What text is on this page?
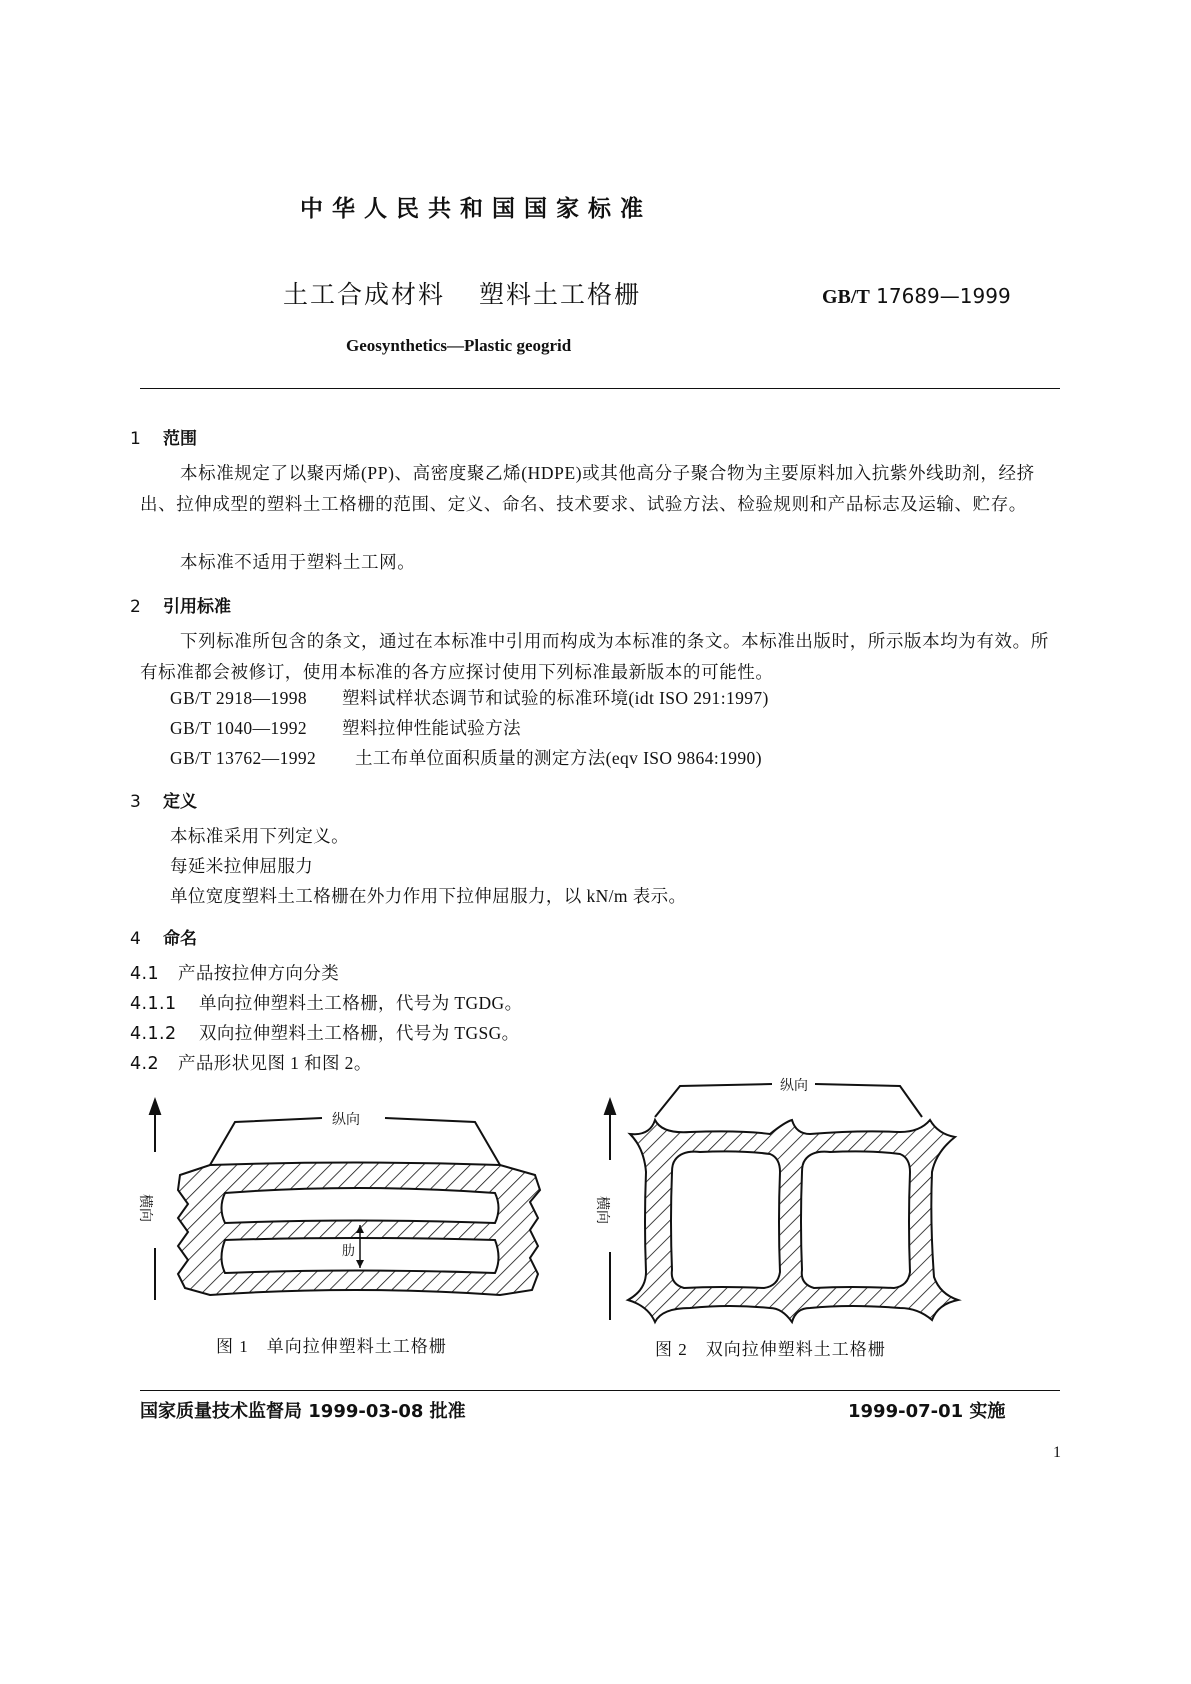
中华人民共和国国家标准
土工合成材料 塑料土工格栅	GB/T 17689—1999
Geosynthetics—Plastic geogrid
1 范围
本标准规定了以聚丙烯(PP)、高密度聚乙烯(HDPE)或其他高分子聚合物为主要原料加入抗紫外线助剂，经挤出、拉伸成型的塑料土工格栅的范围、定义、命名、技术要求、试验方法、检验规则和产品标志及运输、贮存。
本标准不适用于塑料土工网。
2 引用标准
下列标准所包含的条文，通过在本标准中引用而构成为本标准的条文。本标准出版时，所示版本均为有效。所有标准都会被修订，使用本标准的各方应探讨使用下列标准最新版本的可能性。
GB/T 2918—1998 塑料试样状态调节和试验的标准环境(idt ISO 291:1997)
GB/T 1040—1992 塑料拉伸性能试验方法
GB/T 13762—1992 土工布单位面积质量的测定方法(eqv ISO 9864:1990)
3 定义
本标准采用下列定义。
每延米拉伸屈服力
单位宽度塑料土工格栅在外力作用下拉伸屈服力，以 kN/m 表示。
4 命名
4.1 产品按拉伸方向分类
4.1.1 单向拉伸塑料土工格栅，代号为 TGDG。
4.1.2 双向拉伸塑料土工格栅，代号为 TGSG。
4.2 产品形状见图 1 和图 2。
横向
纵向
肋
图 1　单向拉伸塑料土工格栅
横向
纵向
图 2　双向拉伸塑料土工格栅
国家质量技术监督局 1999-03-08 批准	1999-07-01 实施
1
